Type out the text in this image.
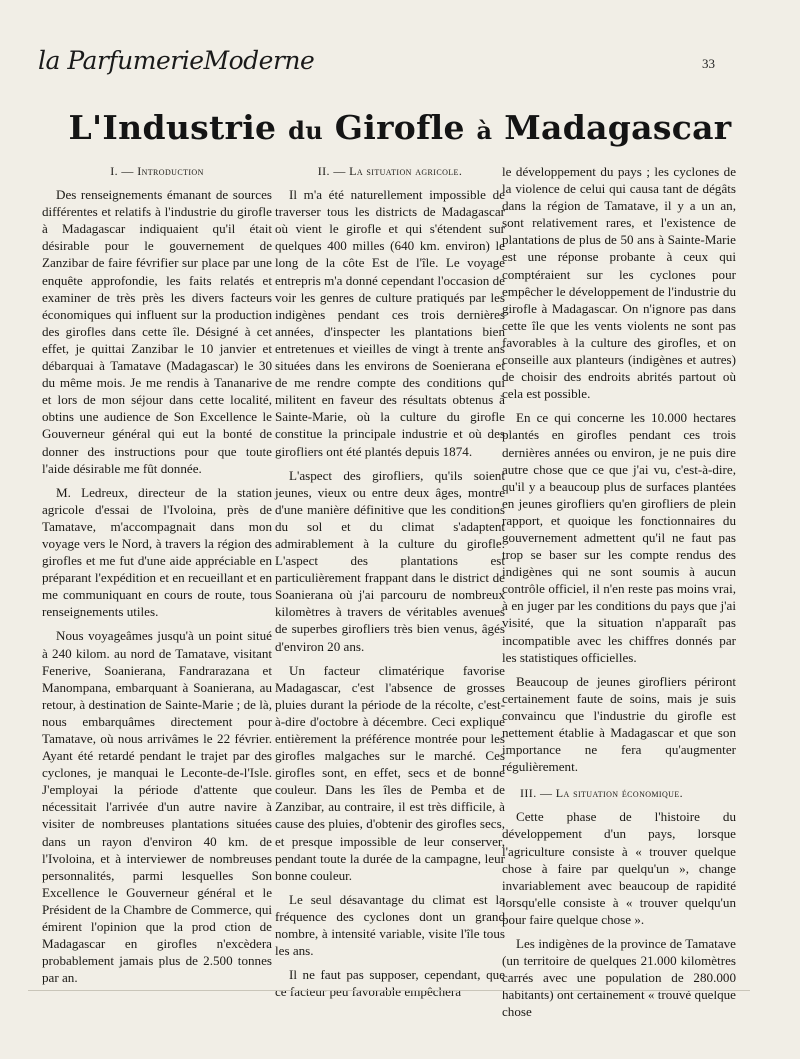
la ParfumerieModerne	33
L'Industrie du Girofle à Madagascar
I. — Introduction

Des renseignements émanant de sources différentes et relatifs à l'industrie du girofle à Madagascar indiquaient qu'il était désirable pour le gouvernement de Zanzibar de faire févrifier sur place par une enquête approfondie, les faits relatés et examiner de très près les divers facteurs économiques qui influent sur la production des girofles dans cette île. Désigné à cet effet, je quittai Zanzibar le 10 janvier et débarquai à Tamatave (Madagascar) le 30 du même mois. Je me rendis à Tananarive et lors de mon séjour dans cette localité, obtins une audience de Son Excellence le Gouverneur général qui eut la bonté de donner des instructions pour que toute l'aide désirable me fût donnée.

M. Ledreux, directeur de la station agricole d'essai de l'Ivoloina, près de Tamatave, m'accompagnait dans mon voyage vers le Nord, à travers la région des girofles et me fut d'une aide appréciable en préparant l'expédition et en recueillant et en me communiquant en cours de route, tous renseignements utiles.

Nous voyageâmes jusqu'à un point situé à 240 kilom. au nord de Tamatave, visitant Fenerive, Soanierana, Fandrarazana et Manompana, embarquant à Soanierana, au retour, à destination de Sainte-Marie ; de là, nous embarquâmes directement pour Tamatave, où nous arrivâmes le 22 février. Ayant été retardé pendant le trajet par des cyclones, je manquai le Leconte-de-l'Isle. J'employai la période d'attente que nécessitait l'arrivée d'un autre navire à visiter de nombreuses plantations situées dans un rayon d'environ 40 km. de l'Ivoloina, et à interviewer de nombreuses personnalités, parmi lesquelles Son Excellence le Gouverneur général et le Président de la Chambre de Commerce, qui émirent l'opinion que la prod ction de Madagascar en girofles n'excèdera probablement jamais plus de 2.500 tonnes par an.

II. — La situation agricole.

Il m'a été naturellement impossible de traverser tous les districts de Madagascar où vient le girofle et qui s'étendent sur quelques 400 milles (640 km. environ) le long de la côte Est de l'île. Le voyage entrepris m'a donné cependant l'occasion de voir les genres de culture pratiqués par les indigènes pendant ces trois dernières années, d'inspecter les plantations bien entretenues et vieilles de vingt à trente ans situées dans les environs de Soenierana et de me rendre compte des conditions qui militent en faveur des résultats obtenus à Sainte-Marie, où la culture du girofle constitue la principale industrie et où des girofliers ont été plantés depuis 1874.

L'aspect des girofliers, qu'ils soient jeunes, vieux ou entre deux âges, montre d'une manière définitive que les conditions du sol et du climat s'adaptent admirablement à la culture du girofle. L'aspect des plantations est particulièrement frappant dans le district de Soanierana où j'ai parcouru de nombreux kilomètres à travers de véritables avenues de superbes girofliers très bien venus, âgés d'environ 20 ans.

Un facteur climatérique favorise Madagascar, c'est l'absence de grosses pluies durant la période de la récolte, c'est-à-dire d'octobre à décembre. Ceci explique entièrement la préférence montrée pour les girofles malgaches sur le marché. Ces girofles sont, en effet, secs et de bonne couleur. Dans les îles de Pemba et de Zanzibar, au contraire, il est très difficile, à cause des pluies, d'obtenir des girofles secs, et presque impossible de leur conserver, pendant toute la durée de la campagne, leur bonne couleur.

Le seul désavantage du climat est la fréquence des cyclones dont un grand nombre, à intensité variable, visite l'île tous les ans.

Il ne faut pas supposer, cependant, que ce facteur peu favorable empêchera

le développement du pays ; les cyclones de la violence de celui qui causa tant de dégâts dans la région de Tamatave, il y a un an, sont relativement rares, et l'existence de plantations de plus de 50 ans à Sainte-Marie est une réponse probante à ceux qui comptéraient sur les cyclones pour empêcher le développement de l'industrie du girofle à Madagascar. On n'ignore pas dans cette île que les vents violents ne sont pas favorables à la culture des girofles, et on conseille aux planteurs (indigènes et autres) de choisir des endroits abrités partout où cela est possible.

En ce qui concerne les 10.000 hectares plantés en girofles pendant ces trois dernières années ou environ, je ne puis dire autre chose que ce que j'ai vu, c'est-à-dire, qu'il y a beaucoup plus de surfaces plantées en jeunes girofliers qu'en girofliers de plein rapport, et quoique les fonctionnaires du gouvernement admettent qu'il ne faut pas trop se baser sur les compte rendus des indigènes qui ne sont soumis à aucun contrôle officiel, il n'en reste pas moins vrai, à en juger par les conditions du pays que j'ai visité, que la situation n'apparaît pas incompatible avec les chiffres donnés par les statistiques officielles.

Beaucoup de jeunes girofliers périront certainement faute de soins, mais je suis convaincu que l'industrie du girofle est nettement établie à Madagascar et que son importance ne fera qu'augmenter régulièrement.

III. — La situation économique.

Cette phase de l'histoire du développement d'un pays, lorsque l'agriculture consiste à « trouver quelque chose à faire par quelqu'un », change invariablement avec beaucoup de rapidité lorsqu'elle consiste à « trouver quelqu'un pour faire quelque chose ».

Les indigènes de la province de Tamatave (un territoire de quelques 21.000 kilomètres carrés avec une population de 280.000 habitants) ont certainement « trouvé quelque chose
